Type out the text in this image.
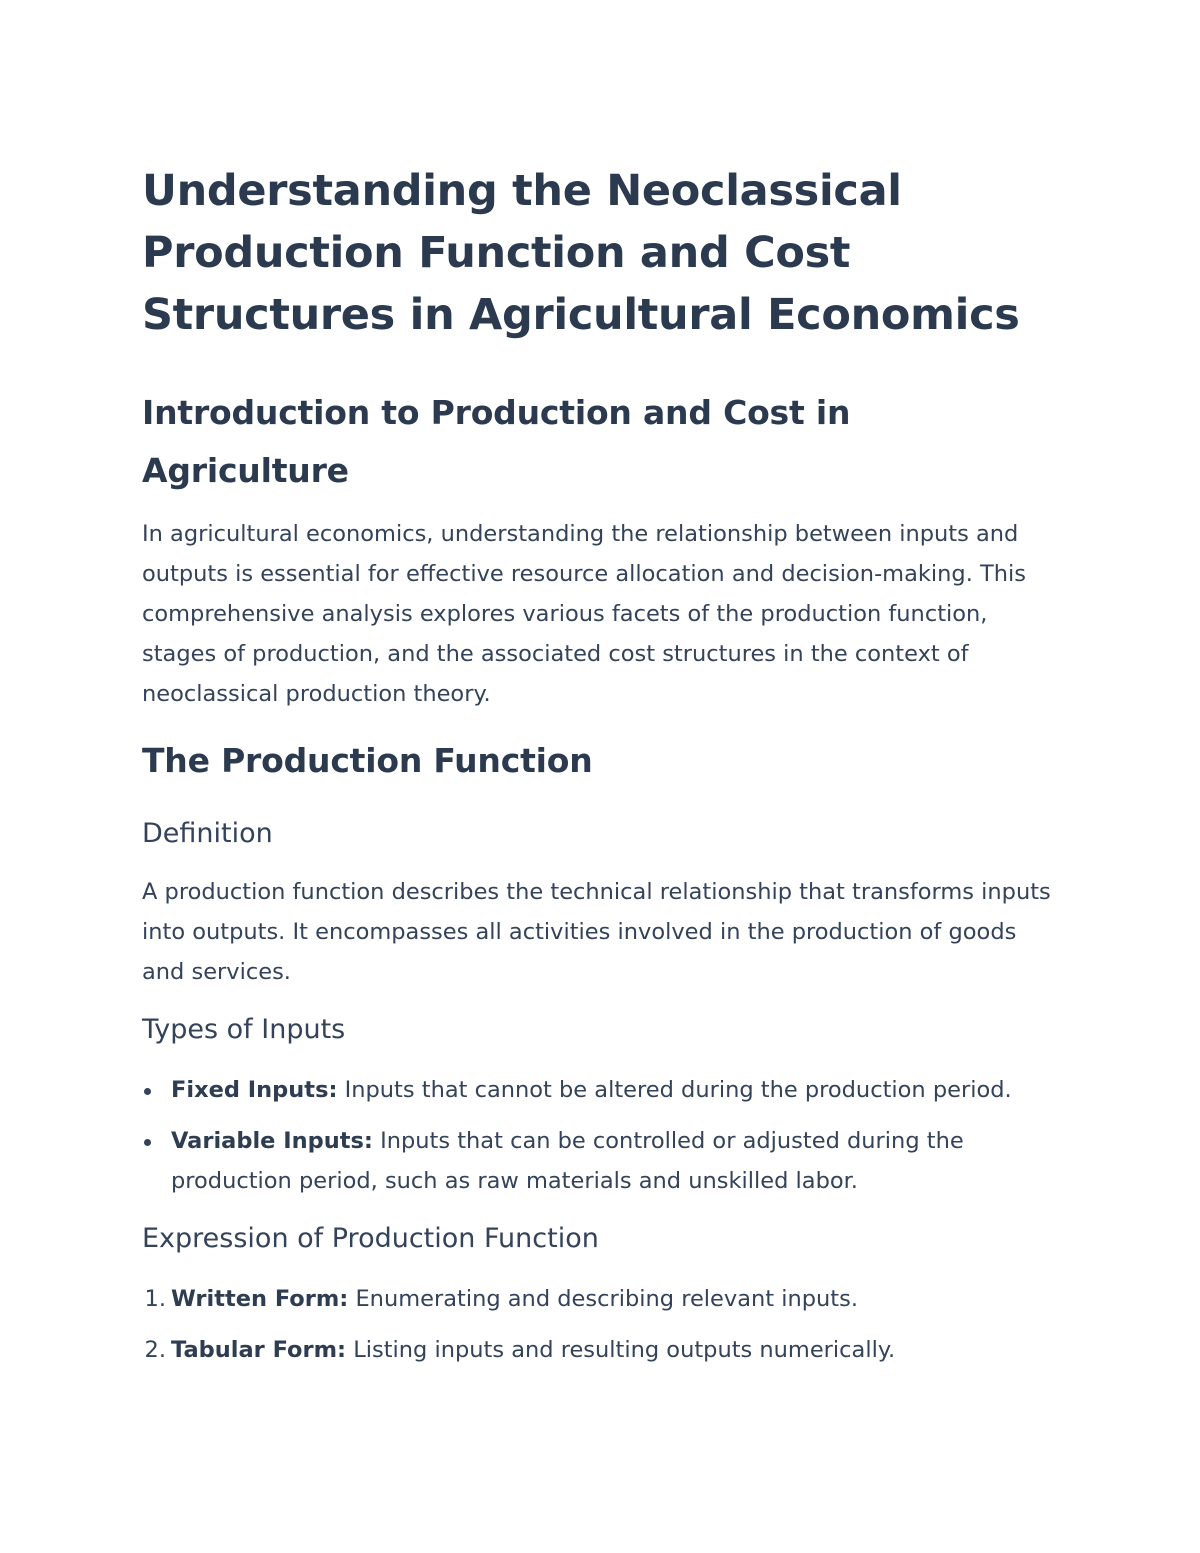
Understanding the Neoclassical Production Function and Cost Structures in Agricultural Economics
Introduction to Production and Cost in Agriculture

In agricultural economics, understanding the relationship between inputs and outputs is essential for effective resource allocation and decision-making. This comprehensive analysis explores various facets of the production function, stages of production, and the associated cost structures in the context of neoclassical production theory.

The Production Function
Definition

A production function describes the technical relationship that transforms inputs into outputs. It encompasses all activities involved in the production of goods and services.

Types of Inputs
Fixed Inputs: Inputs that cannot be altered during the production period.
Variable Inputs: Inputs that can be controlled or adjusted during the production period, such as raw materials and unskilled labor.
Expression of Production Function
1. Written Form: Enumerating and describing relevant inputs.
2. Tabular Form: Listing inputs and resulting outputs numerically.
